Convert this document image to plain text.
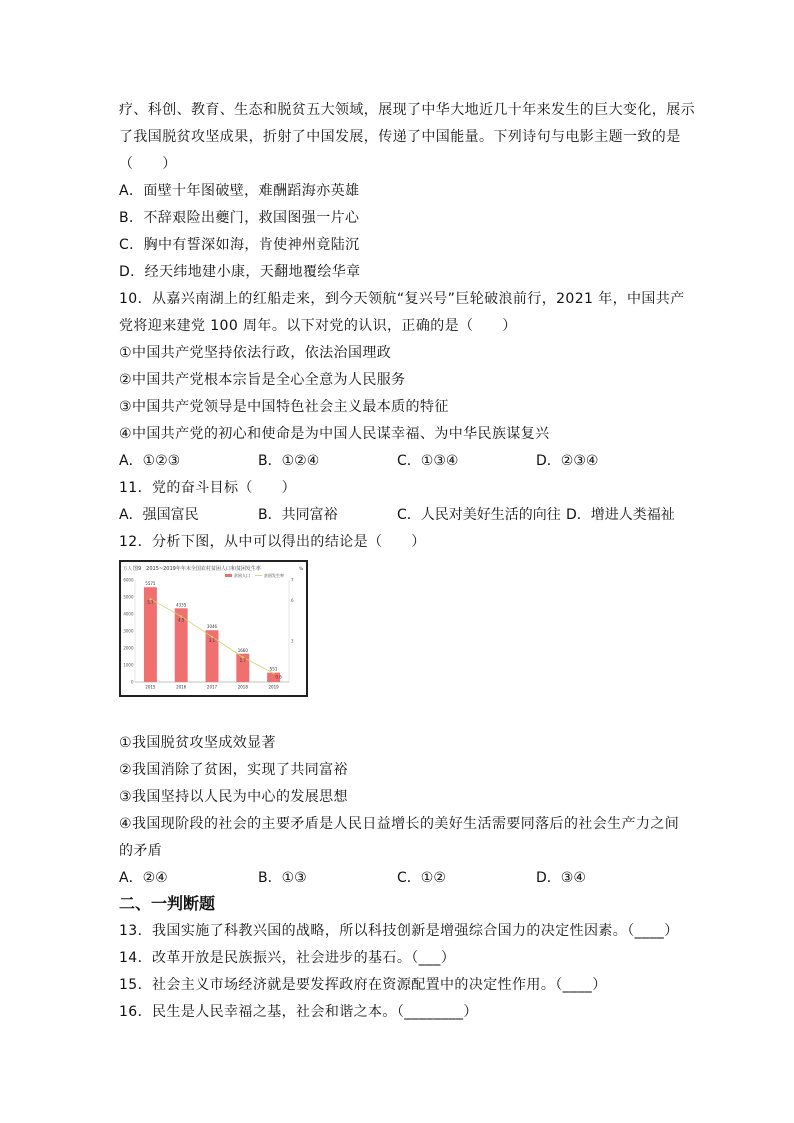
疗、科创、教育、生态和脱贫五大领域，展现了中华大地近几十年来发生的巨大变化，展示
了我国脱贫攻坚成果，折射了中国发展，传递了中国能量。下列诗句与电影主题一致的是
（　　）
A．面壁十年图破壁，难酬蹈海亦英雄
B．不辞艰险出夔门，救国图强一片心
C．胸中有誓深如海，肯使神州竟陆沉
D．经天纬地建小康，天翻地覆绘华章
10．从嘉兴南湖上的红船走来，到今天领航“复兴号”巨轮破浪前行，2021 年，中国共产
党将迎来建党 100 周年。以下对党的认识，正确的是（　　）
①中国共产党坚持依法行政，依法治国理政
②中国共产党根本宗旨是全心全意为人民服务
③中国共产党领导是中国特色社会主义最本质的特征
④中国共产党的初心和使命是为中国人民谋幸福、为中华民族谋复兴
A．①②③	B．①②④	C．①③④	D．②③④
11．党的奋斗目标（　　）
A．强国富民	B．共同富裕	C．人民对美好生活的向往 D．增进人类福祉
12．分析下图，从中可以得出的结论是（　　）
图9　2015~2019年年末全国农村贫困人口和贫困发生率
万人	%
贫困人口	贫困发生率
6000
5000
4000
3000
2000
1000
0
7
6
3
5575
2015
4335
2016
3046
2017
1660
2018
551
2019
5.7
4.5
3.1
1.7
0.6
①我国脱贫攻坚成效显著
②我国消除了贫困，实现了共同富裕
③我国坚持以人民为中心的发展思想
④我国现阶段的社会的主要矛盾是人民日益增长的美好生活需要同落后的社会生产力之间
的矛盾
A．②④	B．①③	C．①②	D．③④
二、一判断题
13．我国实施了科教兴国的战略，所以科技创新是增强综合国力的决定性因素。（____）
14．改革开放是民族振兴，社会进步的基石。（___）
15．社会主义市场经济就是要发挥政府在资源配置中的决定性作用。（____）
16．民生是人民幸福之基，社会和谐之本。（________）
